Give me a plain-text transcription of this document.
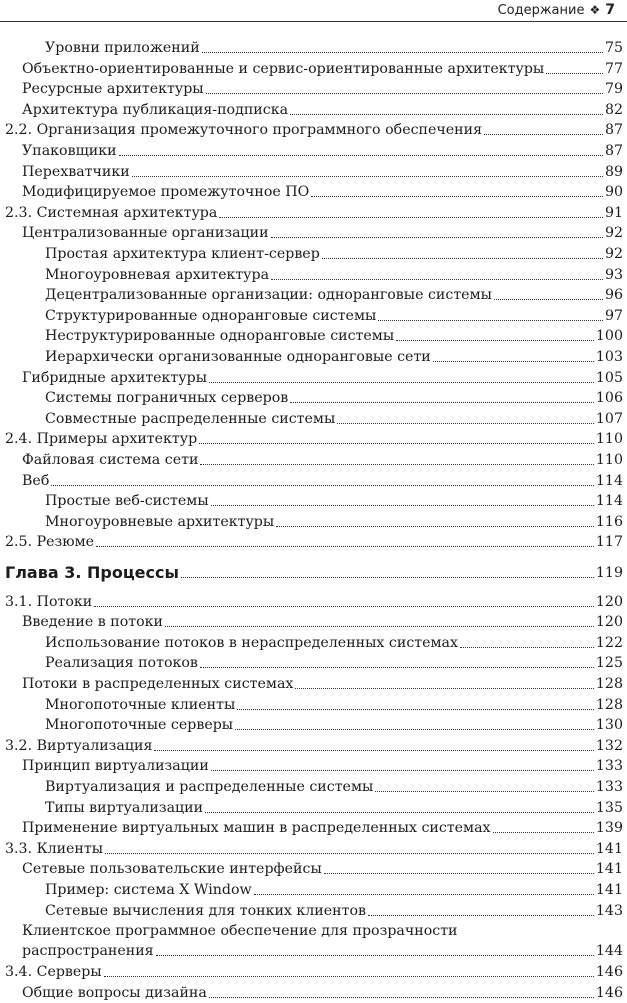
Содержание ❖ 7
Уровни приложений	75
Объектно-ориентированные и сервис-ориентированные архитектуры	77
Ресурсные архитектуры	79
Архитектура публикация-подписка	82
2.2. Организация промежуточного программного обеспечения	87
Упаковщики	87
Перехватчики	89
Модифицируемое промежуточное ПО	90
2.3. Системная архитектура	91
Централизованные организации	92
Простая архитектура клиент-сервер	92
Многоуровневая архитектура	93
Децентрализованные организации: одноранговые системы	96
Структурированные одноранговые системы	97
Неструктурированные одноранговые системы	100
Иерархически организованные одноранговые сети	103
Гибридные архитектуры	105
Системы пограничных серверов	106
Совместные распределенные системы	107
2.4. Примеры архитектур	110
Файловая система сети	110
Веб	114
Простые веб-системы	114
Многоуровневые архитектуры	116
2.5. Резюме	117
Глава 3. Процессы	119
3.1. Потоки	120
Введение в потоки	120
Использование потоков в нераспределенных системах	122
Реализация потоков	125
Потоки в распределенных системах	128
Многопоточные клиенты	128
Многопоточные серверы	130
3.2. Виртуализация	132
Принцип виртуализации	133
Виртуализация и распределенные системы	133
Типы виртуализации	135
Применение виртуальных машин в распределенных системах	139
3.3. Клиенты	141
Сетевые пользовательские интерфейсы	141
Пример: система X Window	141
Сетевые вычисления для тонких клиентов	143
Клиентское программное обеспечение для прозрачности
распространения	144
3.4. Серверы	146
Общие вопросы дизайна	146
